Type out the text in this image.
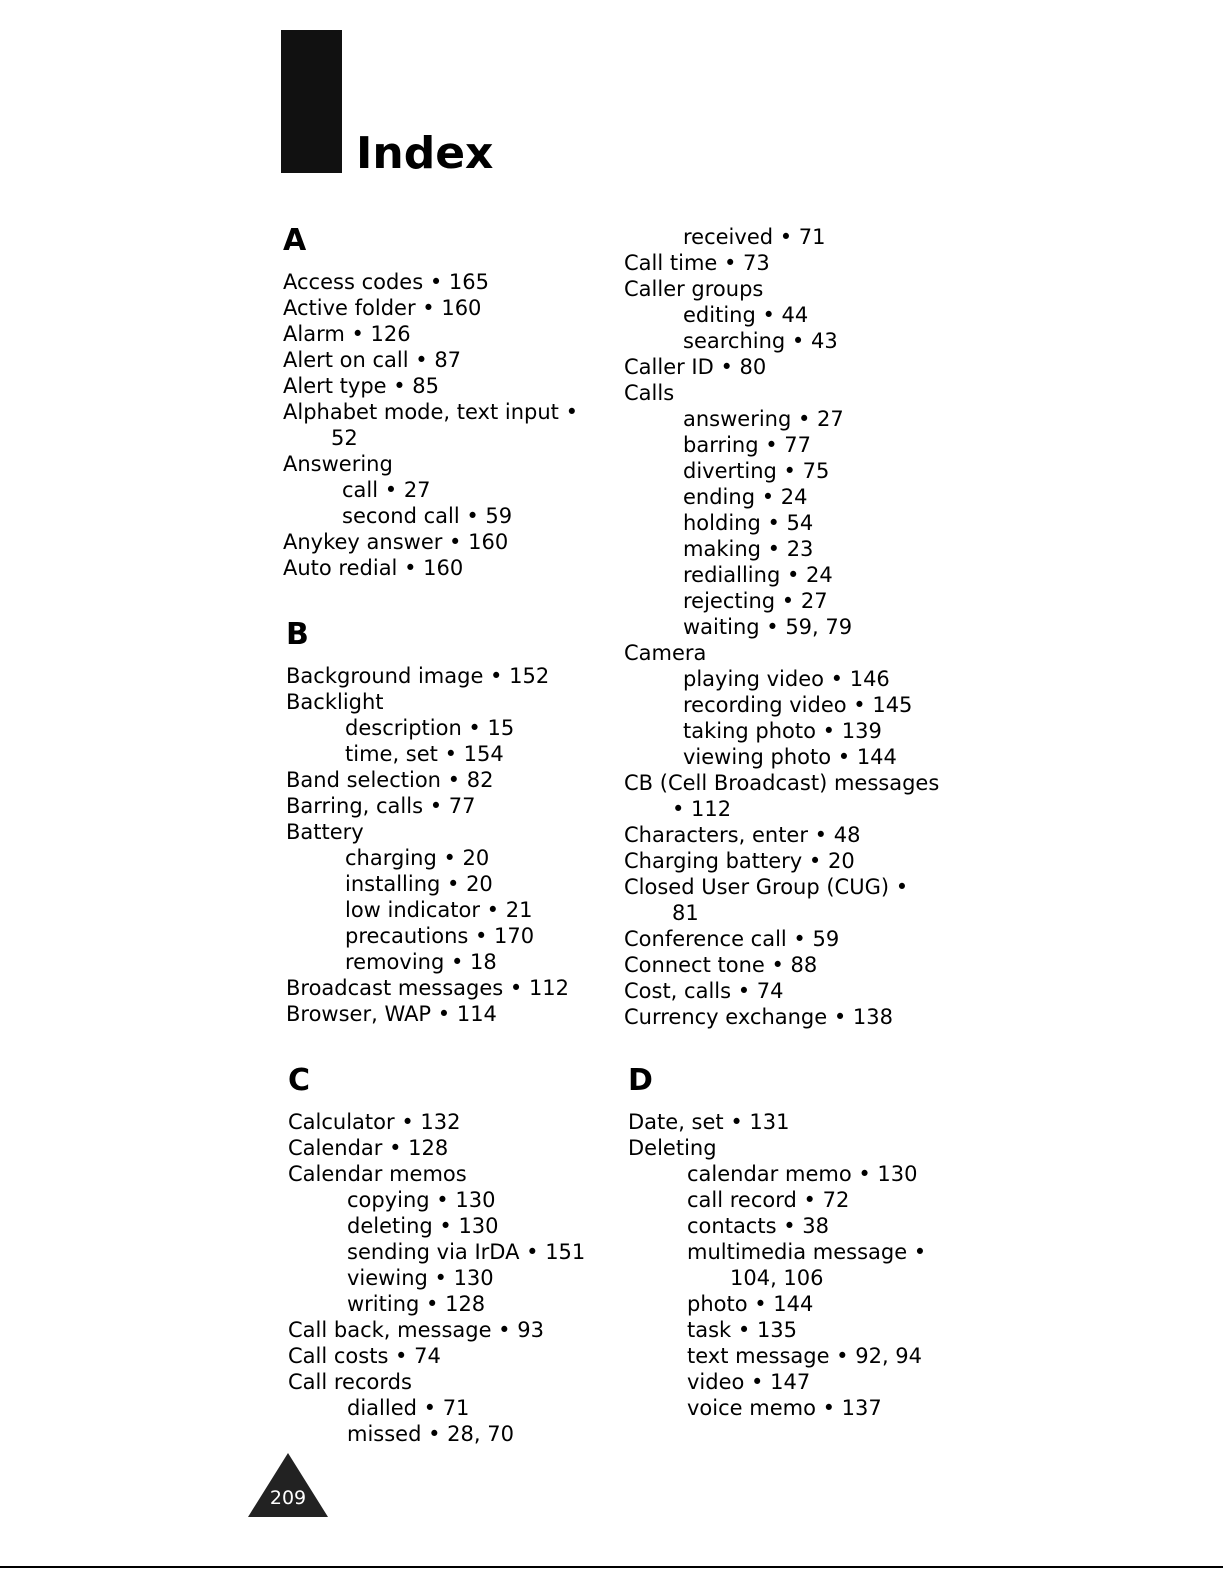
Index
A
Access codes • 165
Active folder • 160
Alarm • 126
Alert on call • 87
Alert type • 85
Alphabet mode, text input •
52
Answering
call • 27
second call • 59
Anykey answer • 160
Auto redial • 160
B
Background image • 152
Backlight
description • 15
time, set • 154
Band selection • 82
Barring, calls • 77
Battery
charging • 20
installing • 20
low indicator • 21
precautions • 170
removing • 18
Broadcast messages • 112
Browser, WAP • 114
C
Calculator • 132
Calendar • 128
Calendar memos
copying • 130
deleting • 130
sending via IrDA • 151
viewing • 130
writing • 128
Call back, message • 93
Call costs • 74
Call records
dialled • 71
missed • 28, 70
received • 71
Call time • 73
Caller groups
editing • 44
searching • 43
Caller ID • 80
Calls
answering • 27
barring • 77
diverting • 75
ending • 24
holding • 54
making • 23
redialling • 24
rejecting • 27
waiting • 59, 79
Camera
playing video • 146
recording video • 145
taking photo • 139
viewing photo • 144
CB (Cell Broadcast) messages
• 112
Characters, enter • 48
Charging battery • 20
Closed User Group (CUG) •
81
Conference call • 59
Connect tone • 88
Cost, calls • 74
Currency exchange • 138
D
Date, set • 131
Deleting
calendar memo • 130
call record • 72
contacts • 38
multimedia message •
104, 106
photo • 144
task • 135
text message • 92, 94
video • 147
voice memo • 137
209
